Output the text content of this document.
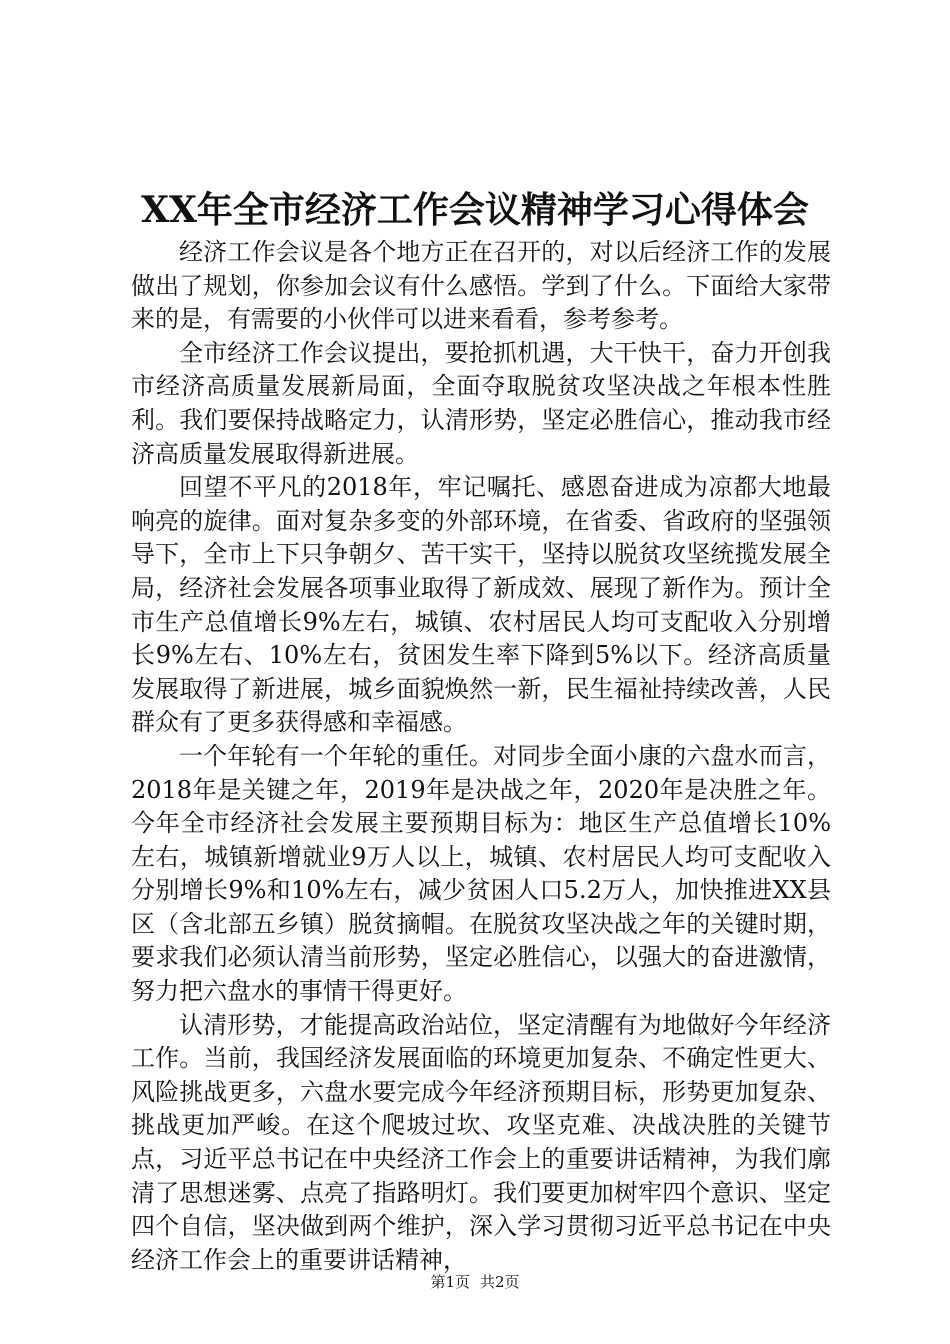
XX年全市经济工作会议精神学习心得体会

经济工作会议是各个地方正在召开的，对以后经济工作的发展做出了规划，你参加会议有什么感悟。学到了什么。下面给大家带来的是，有需要的小伙伴可以进来看看，参考参考。

全市经济工作会议提出，要抢抓机遇，大干快干，奋力开创我市经济高质量发展新局面，全面夺取脱贫攻坚决战之年根本性胜利。我们要保持战略定力，认清形势，坚定必胜信心，推动我市经济高质量发展取得新进展。

回望不平凡的2018年，牢记嘱托、感恩奋进成为凉都大地最响亮的旋律。面对复杂多变的外部环境，在省委、省政府的坚强领导下，全市上下只争朝夕、苦干实干，坚持以脱贫攻坚统揽发展全局，经济社会发展各项事业取得了新成效、展现了新作为。预计全市生产总值增长9%左右，城镇、农村居民人均可支配收入分别增长9%左右、10%左右，贫困发生率下降到5%以下。经济高质量发展取得了新进展，城乡面貌焕然一新，民生福祉持续改善，人民群众有了更多获得感和幸福感。

一个年轮有一个年轮的重任。对同步全面小康的六盘水而言，2018年是关键之年，2019年是决战之年，2020年是决胜之年。今年全市经济社会发展主要预期目标为：地区生产总值增长10%左右，城镇新增就业9万人以上，城镇、农村居民人均可支配收入分别增长9%和10%左右，减少贫困人口5.2万人，加快推进XX县区（含北部五乡镇）脱贫摘帽。在脱贫攻坚决战之年的关键时期，要求我们必须认清当前形势，坚定必胜信心，以强大的奋进激情，努力把六盘水的事情干得更好。

认清形势，才能提高政治站位，坚定清醒有为地做好今年经济工作。当前，我国经济发展面临的环境更加复杂、不确定性更大、风险挑战更多，六盘水要完成今年经济预期目标，形势更加复杂、挑战更加严峻。在这个爬坡过坎、攻坚克难、决战决胜的关键节点，习近平总书记在中央经济工作会上的重要讲话精神，为我们廓清了思想迷雾、点亮了指路明灯。我们要更加树牢四个意识、坚定四个自信，坚决做到两个维护，深入学习贯彻习近平总书记在中央经济工作会上的重要讲话精神，

第1页 共2页
